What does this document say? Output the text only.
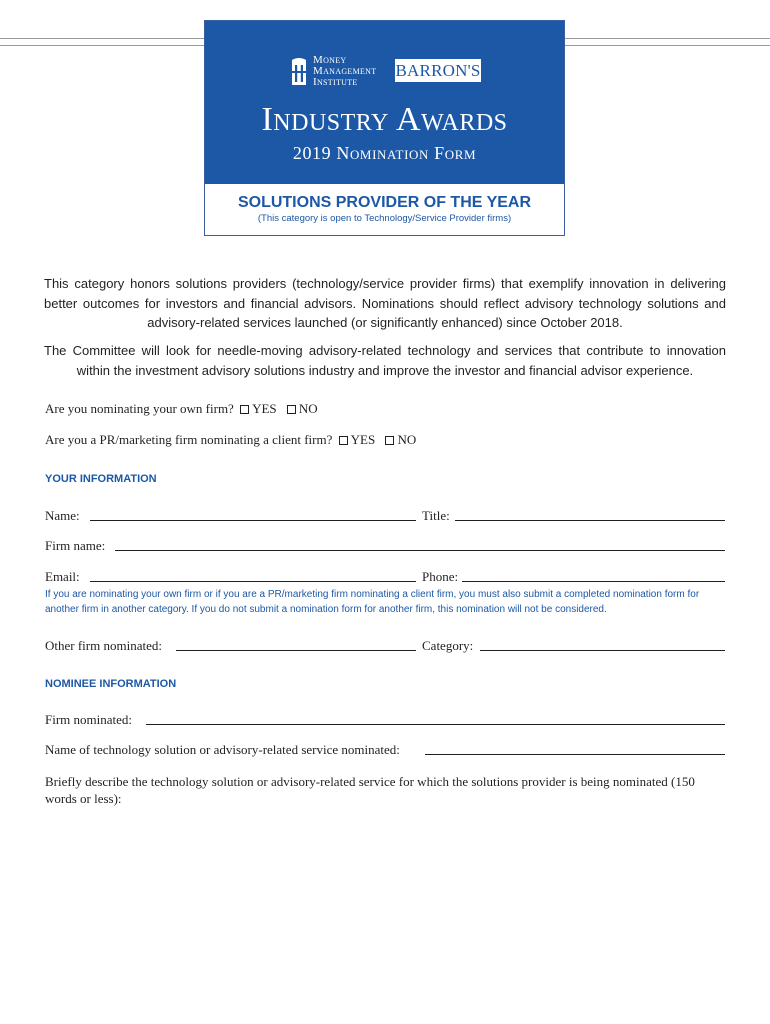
Money
Management
Institute
BARRON'S
Industry Awards
2019 Nomination Form
SOLUTIONS PROVIDER OF THE YEAR
(This category is open to Technology/Service Provider firms)
This category honors solutions providers (technology/service provider firms) that exemplify innovation in delivering better outcomes for investors and financial advisors. Nominations should reflect advisory technology solutions and advisory-related services launched (or significantly enhanced) since October 2018.
The Committee will look for needle-moving advisory-related technology and services that contribute to innovation within the investment advisory solutions industry and improve the investor and financial advisor experience.
Are you nominating your own firm? YES NO
Are you a PR/marketing firm nominating a client firm? YES NO
YOUR INFORMATION
Name:	Title:
Firm name:
Email:	Phone:
If you are nominating your own firm or if you are a PR/marketing firm nominating a client firm, you must also submit a completed nomination form for another firm in another category. If you do not submit a nomination form for another firm, this nomination will not be considered.
Other firm nominated:	Category:
NOMINEE INFORMATION
Firm nominated:
Name of technology solution or advisory-related service nominated:
Briefly describe the technology solution or advisory-related service for which the solutions provider is being nominated (150 words or less):
